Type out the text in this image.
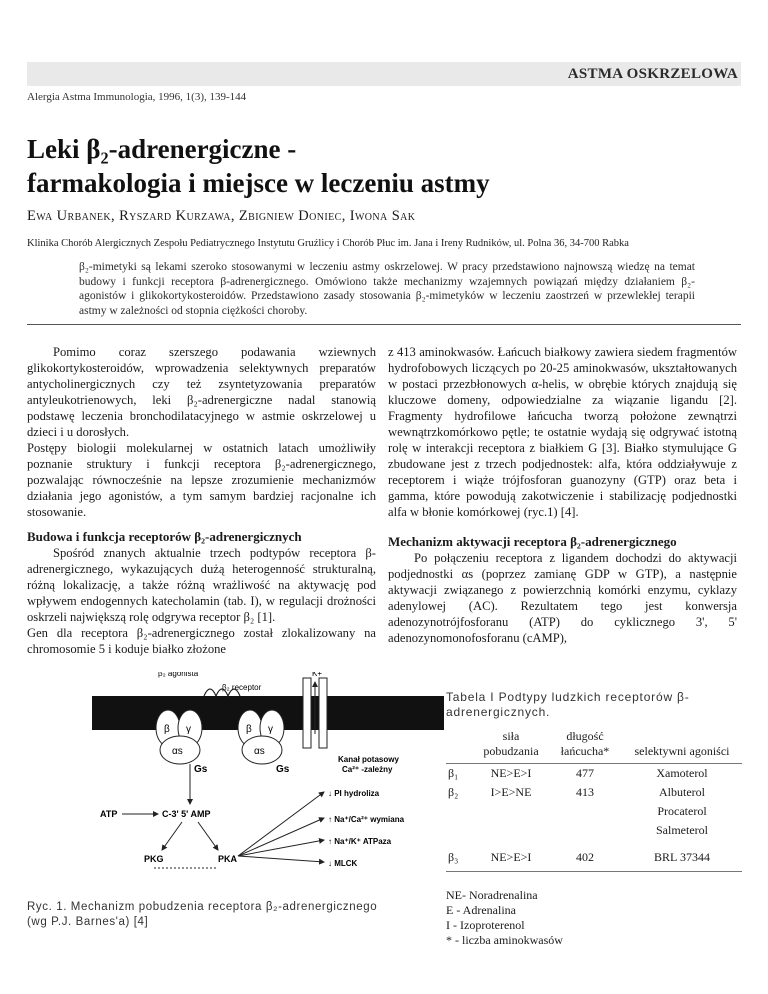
ASTMA OSKRZELOWA
Alergia Astma Immunologia, 1996, 1(3), 139-144
Leki β₂-adrenergiczne -
farmakologia i miejsce w leczeniu astmy
Ewa Urbanek, Ryszard Kurzawa, Zbigniew Doniec, Iwona Sak
Klinika Chorób Alergicznych Zespołu Pediatrycznego Instytutu Gruźlicy i Chorób Płuc im. Jana i Ireny Rudników, ul. Polna 36, 34-700 Rabka
β₂-mimetyki są lekami szeroko stosowanymi w leczeniu astmy oskrzelowej. W pracy przedstawiono najnowszą wiedzę na temat budowy i funkcji receptora β-adrenergicznego. Omówiono także mechanizmy wzajemnych powiązań między działaniem β₂-agonistów i glikokortykosteroidów. Przedstawiono zasady stosowania β₂-mimetyków w leczeniu zaostrzeń w przewlekłej terapii astmy w zależności od stopnia ciężkości choroby.

Pomimo coraz szerszego podawania wziewnych glikokortykosteroidów, wprowadzenia selektywnych preparatów antycholinergicznych czy też zsyntetyzowania preparatów antyleukotrienowych, leki β₂-adrenergiczne nadal stanowią podstawę leczenia bronchodilatacyjnego w astmie oskrzelowej u dzieci i u dorosłych.

Postępy biologii molekularnej w ostatnich latach umożliwiły poznanie struktury i funkcji receptora β₂-adrenergicznego, pozwalając równocześnie na lepsze zrozumienie mechanizmów działania jego agonistów, a tym samym bardziej racjonalne ich stosowanie.

Budowa i funkcja receptorów β₂-adrenergicznych

Spośród znanych aktualnie trzech podtypów receptora β-adrenergicznego, wykazujących dużą heterogenność strukturalną, różną lokalizację, a także różną wrażliwość na aktywację pod wpływem endogennych katecholamin (tab. I), w regulacji drożności oskrzeli największą rolę odgrywa receptor β₂ [1].

Gen dla receptora β₂-adrenergicznego został zlokalizowany na chromosomie 5 i koduje białko złożone

z 413 aminokwasów. Łańcuch białkowy zawiera siedem fragmentów hydrofobowych liczących po 20-25 aminokwasów, ukształtowanych w postaci przezbłonowych α-helis, w obrębie których znajdują się kluczowe domeny, odpowiedzialne za wiązanie ligandu [2]. Fragmenty hydrofilowe łańcucha tworzą położone zewnątrzi wewnątrzkomórkowo pętle; te ostatnie wydają się odgrywać istotną rolę w interakcji receptora z białkiem G [3]. Białko stymulujące G zbudowane jest z trzech podjednostek: alfa, która oddziaływuje z receptorem i wiąże trójfosforan guanozyny (GTP) oraz beta i gamma, które powodują zakotwiczenie i stabilizację podjednostki alfa w błonie komórkowej (ryc.1) [4].

Mechanizm aktywacji receptora β₂-adrenergicznego

Po połączeniu receptora z ligandem dochodzi do aktywacji podjednostki αs (poprzez zamianę GDP w GTP), a następnie aktywacji związanego z powierzchnią komórki enzymu, cyklazy adenylowej (AC). Rezultatem tego jest konwersja adenozynotrójfosforanu (ATP) do cyklicznego 3', 5' adenozynomonofosforanu (cAMP),

β₂ agonista
β₂ receptor
K+
β γ
αs
β γ
αs
Gs	Gs
Kanał potasowy
Ca²⁺ -zależny
ATP	C-3' 5' AMP
PKG	PKA
↓ PI hydroliza
↑ Na⁺/Ca²⁺ wymiana
↑ Na⁺/K⁺ ATPaza
↓ MLCK
Ryc. 1. Mechanizm pobudzenia receptora β₂-adrenergicznego
(wg P.J. Barnes'a) [4]
Tabela I Podtypy ludzkich receptorów β-adrenergicznych.
	siła pobudzania	długość łańcucha*	selektywni agoniści
β₁	NE>E>I	477	Xamoterol
β₂	I>E>NE	413	Albuterol
			Procaterol
			Salmeterol
β₃	NE>E>I	402	BRL 37344
NE- Noradrenalina
E - Adrenalina
I - Izoproterenol
* - liczba aminokwasów
